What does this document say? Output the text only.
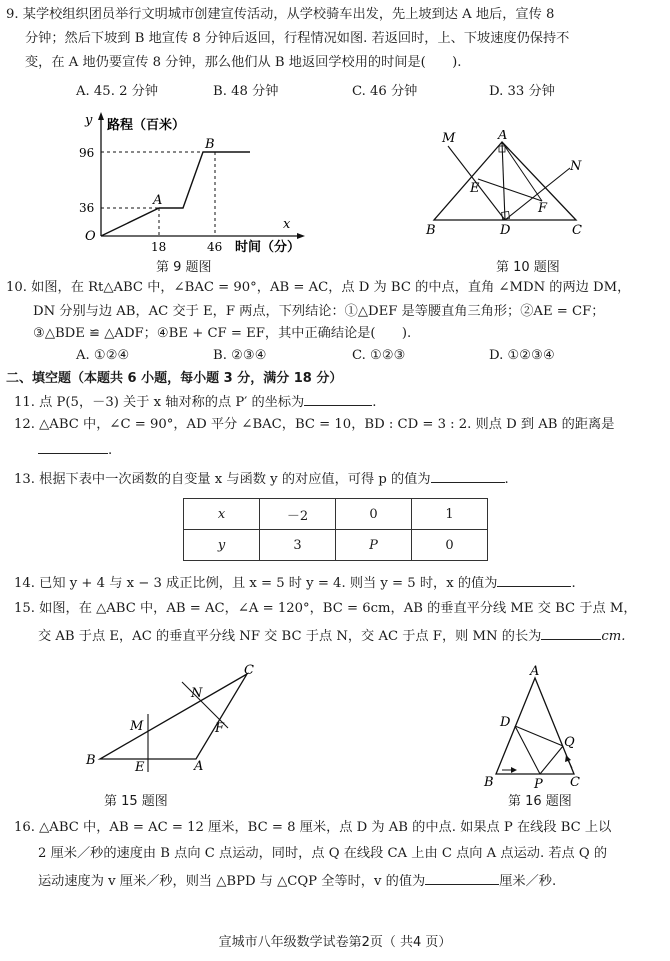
9. 某学校组织团员举行文明城市创建宣传活动，从学校骑车出发，先上坡到达 A 地后，宣传 8
分钟；然后下坡到 B 地宣传 8 分钟后返回，行程情况如图. 若返回时，上、下坡速度仍保持不
变，在 A 地仍要宣传 8 分钟，那么他们从 B 地返回学校用的时间是(　　).
A. 45. 2 分钟	B. 48 分钟	C. 46 分钟	D. 33 分钟
y 路程（百米）
96
36
O
18	46 时间（分）
x
A
B
第 9 题图
M	A
N
E
F
B	D	C
第 10 题图
10. 如图，在 Rt△ABC 中，∠BAC = 90°，AB = AC，点 D 为 BC 的中点，直角 ∠MDN 的两边 DM，
DN 分别与边 AB，AC 交于 E，F 两点，下列结论：①△DEF 是等腰直角三角形；②AE = CF；
③△BDE ≌ △ADF；④BE + CF = EF，其中正确结论是(　　).
A. ①②④	B. ②③④	C. ①②③	D. ①②③④
二、填空题（本题共 6 小题，每小题 3 分，满分 18 分）
11. 点 P(5，－3) 关于 x 轴对称的点 P′ 的坐标为	.
12. △ABC 中，∠C = 90°，AD 平分 ∠BAC，BC = 10，BD : CD = 3 : 2. 则点 D 到 AB 的距离是
.
13. 根据下表中一次函数的自变量 x 与函数 y 的对应值，可得 p 的值为	.
x	－2	0	1
y	3	P	0
14. 已知 y + 4 与 x − 3 成正比例，且 x = 5 时 y = 4. 则当 y = 5 时，x 的值为	.
15. 如图，在 △ABC 中，AB = AC，∠A = 120°，BC = 6cm，AB 的垂直平分线 ME 交 BC 于点 M，
交 AB 于点 E，AC 的垂直平分线 NF 交 BC 于点 N，交 AC 于点 F，则 MN 的长为	cm.
C
N
M	F
B	E	A
第 15 题图
A
D
Q
B	P C
第 16 题图
16. △ABC 中，AB = AC = 12 厘米，BC = 8 厘米，点 D 为 AB 的中点. 如果点 P 在线段 BC 上以
2 厘米／秒的速度由 B 点向 C 点运动，同时，点 Q 在线段 CA 上由 C 点向 A 点运动. 若点 Q 的
运动速度为 v 厘米／秒，则当 △BPD 与 △CQP 全等时，v 的值为	厘米／秒.
宣城市八年级数学试卷第2页（ 共4 页）
